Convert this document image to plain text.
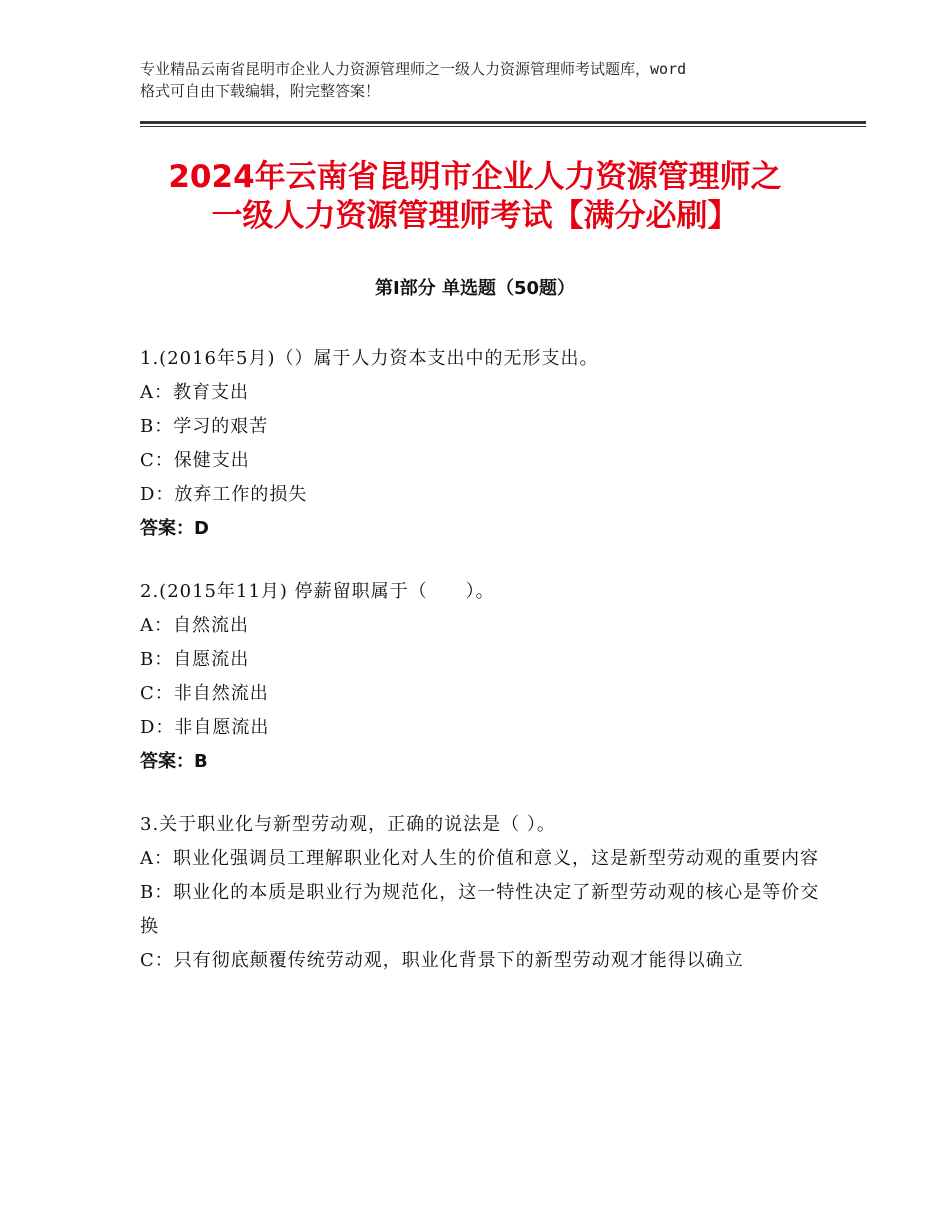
专业精品云南省昆明市企业人力资源管理师之一级人力资源管理师考试题库，word
格式可自由下载编辑，附完整答案！
2024年云南省昆明市企业人力资源管理师之
一级人力资源管理师考试【满分必刷】
第Ⅰ部分 单选题（50题）
1.(2016年5月)（）属于人力资本支出中的无形支出。
A：教育支出
B：学习的艰苦
C：保健支出
D：放弃工作的损失
答案：D
2.(2015年11月) 停薪留职属于（　　）。
A：自然流出
B：自愿流出
C：非自然流出
D：非自愿流出
答案：B
3.关于职业化与新型劳动观，正确的说法是（ ）。
A：职业化强调员工理解职业化对人生的价值和意义，这是新型劳动观的重要内容
B：职业化的本质是职业行为规范化，这一特性决定了新型劳动观的核心是等价交换
C：只有彻底颠覆传统劳动观，职业化背景下的新型劳动观才能得以确立
